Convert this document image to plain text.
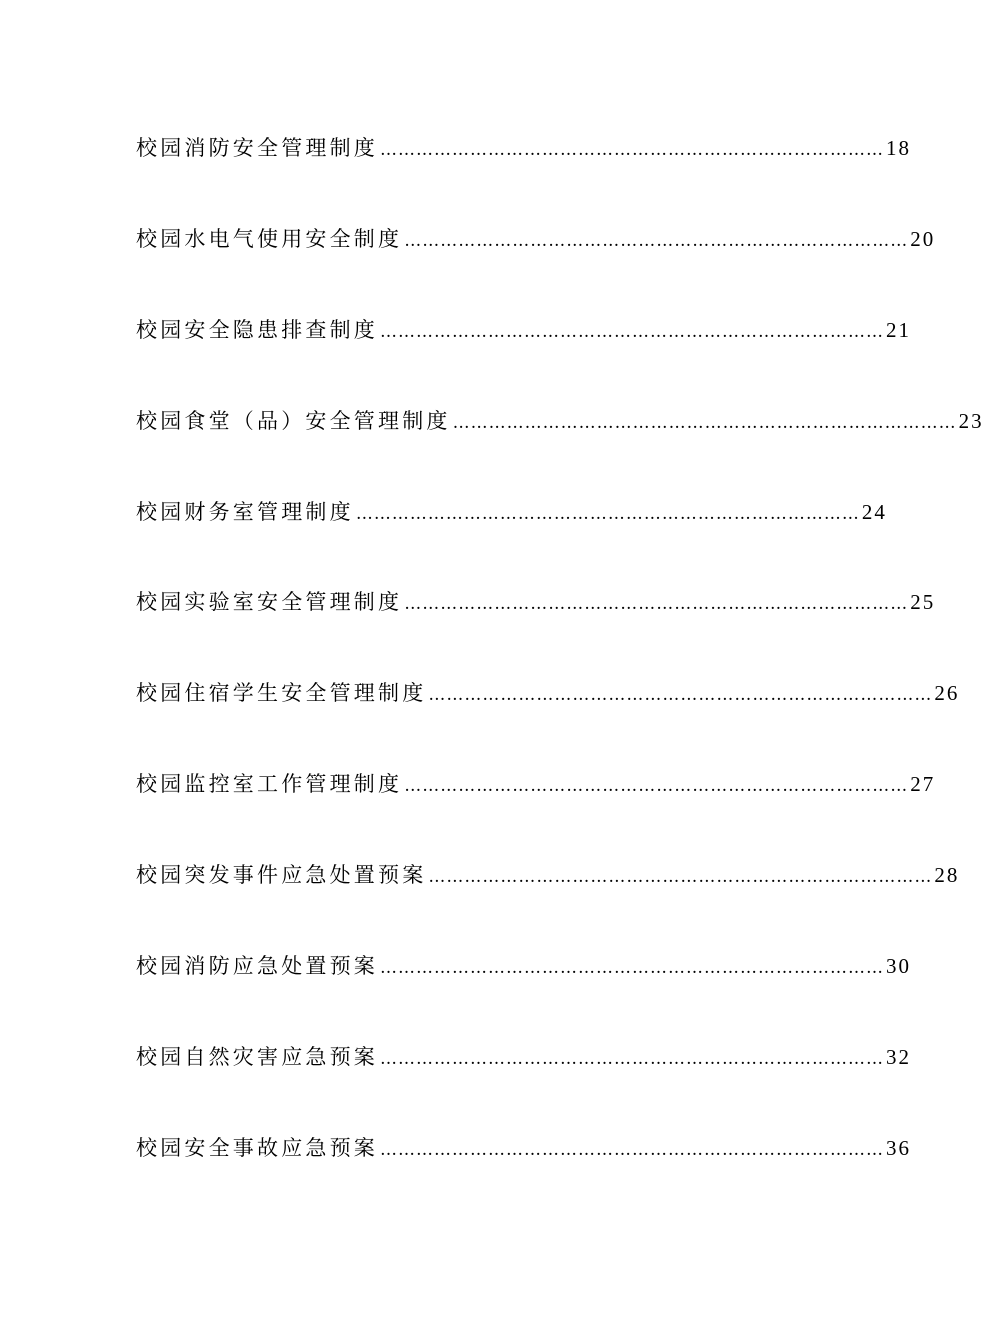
校园消防安全管理制度 ………………………………………………………………………… 18
校园水电气使用安全制度 ………………………………………………………………………… 20
校园安全隐患排查制度 ………………………………………………………………………… 21
校园食堂（品）安全管理制度 ………………………………………………………………………… 23
校园财务室管理制度 ………………………………………………………………………… 24
校园实验室安全管理制度 ………………………………………………………………………… 25
校园住宿学生安全管理制度 ………………………………………………………………………… 26
校园监控室工作管理制度 ………………………………………………………………………… 27
校园突发事件应急处置预案 ………………………………………………………………………… 28
校园消防应急处置预案 ………………………………………………………………………… 30
校园自然灾害应急预案 ………………………………………………………………………… 32
校园安全事故应急预案 ………………………………………………………………………… 36
